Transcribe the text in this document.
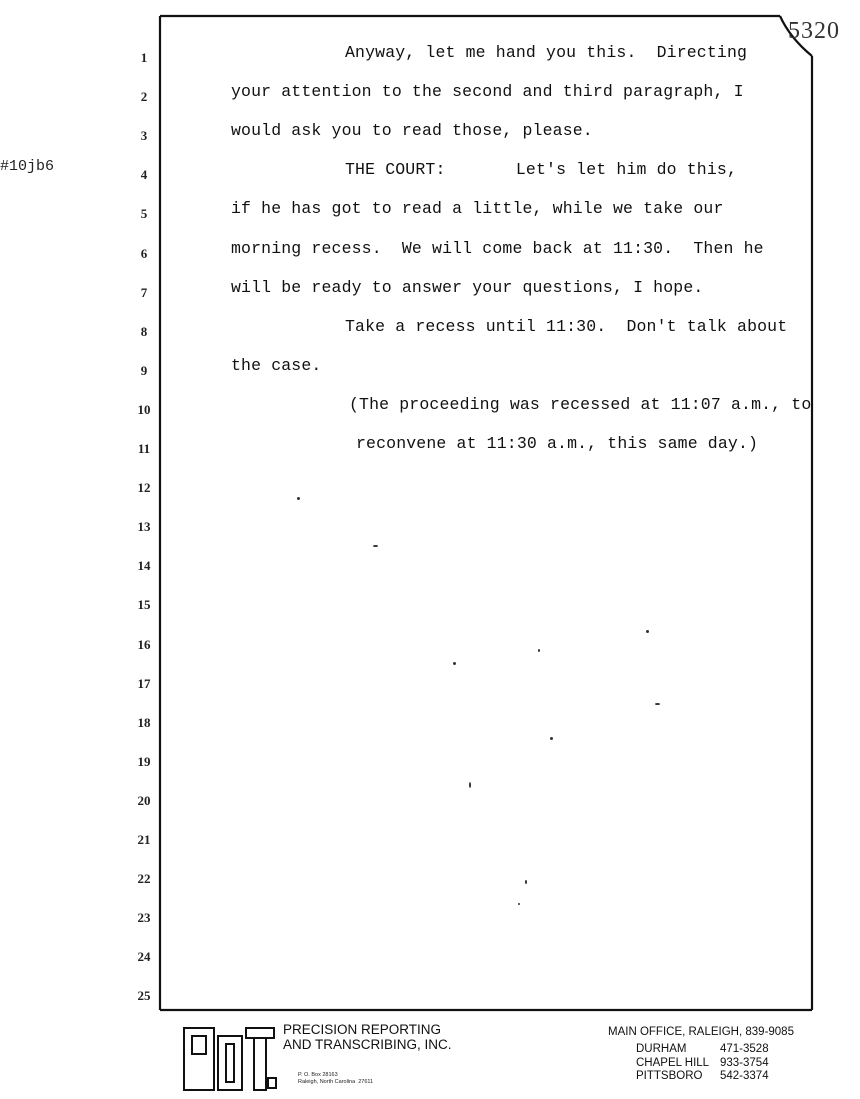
5320
#10jb6
1	Anyway, let me hand you this.  Directing
2	your attention to the second and third paragraph, I
3	would ask you to read those, please.
4	THE COURT:       Let's let him do this,
5	if he has got to read a little, while we take our
6	morning recess.  We will come back at 11:30.  Then he
7	will be ready to answer your questions, I hope.
8	Take a recess until 11:30.  Don't talk about
9	the case.
10	(The proceeding was recessed at 11:07 a.m., to
11	reconvene at 11:30 a.m., this same day.)
12
13
14
15
16
17
18
19
20
21
22
23
24
25
PRECISION REPORTING
AND TRANSCRIBING, INC.
P. O. Box 28163
Raleigh, North Carolina  27611
MAIN OFFICE, RALEIGH, 839-9085
DURHAM	471-3528
CHAPEL HILL 933-3754
PITTSBORO	542-3374
